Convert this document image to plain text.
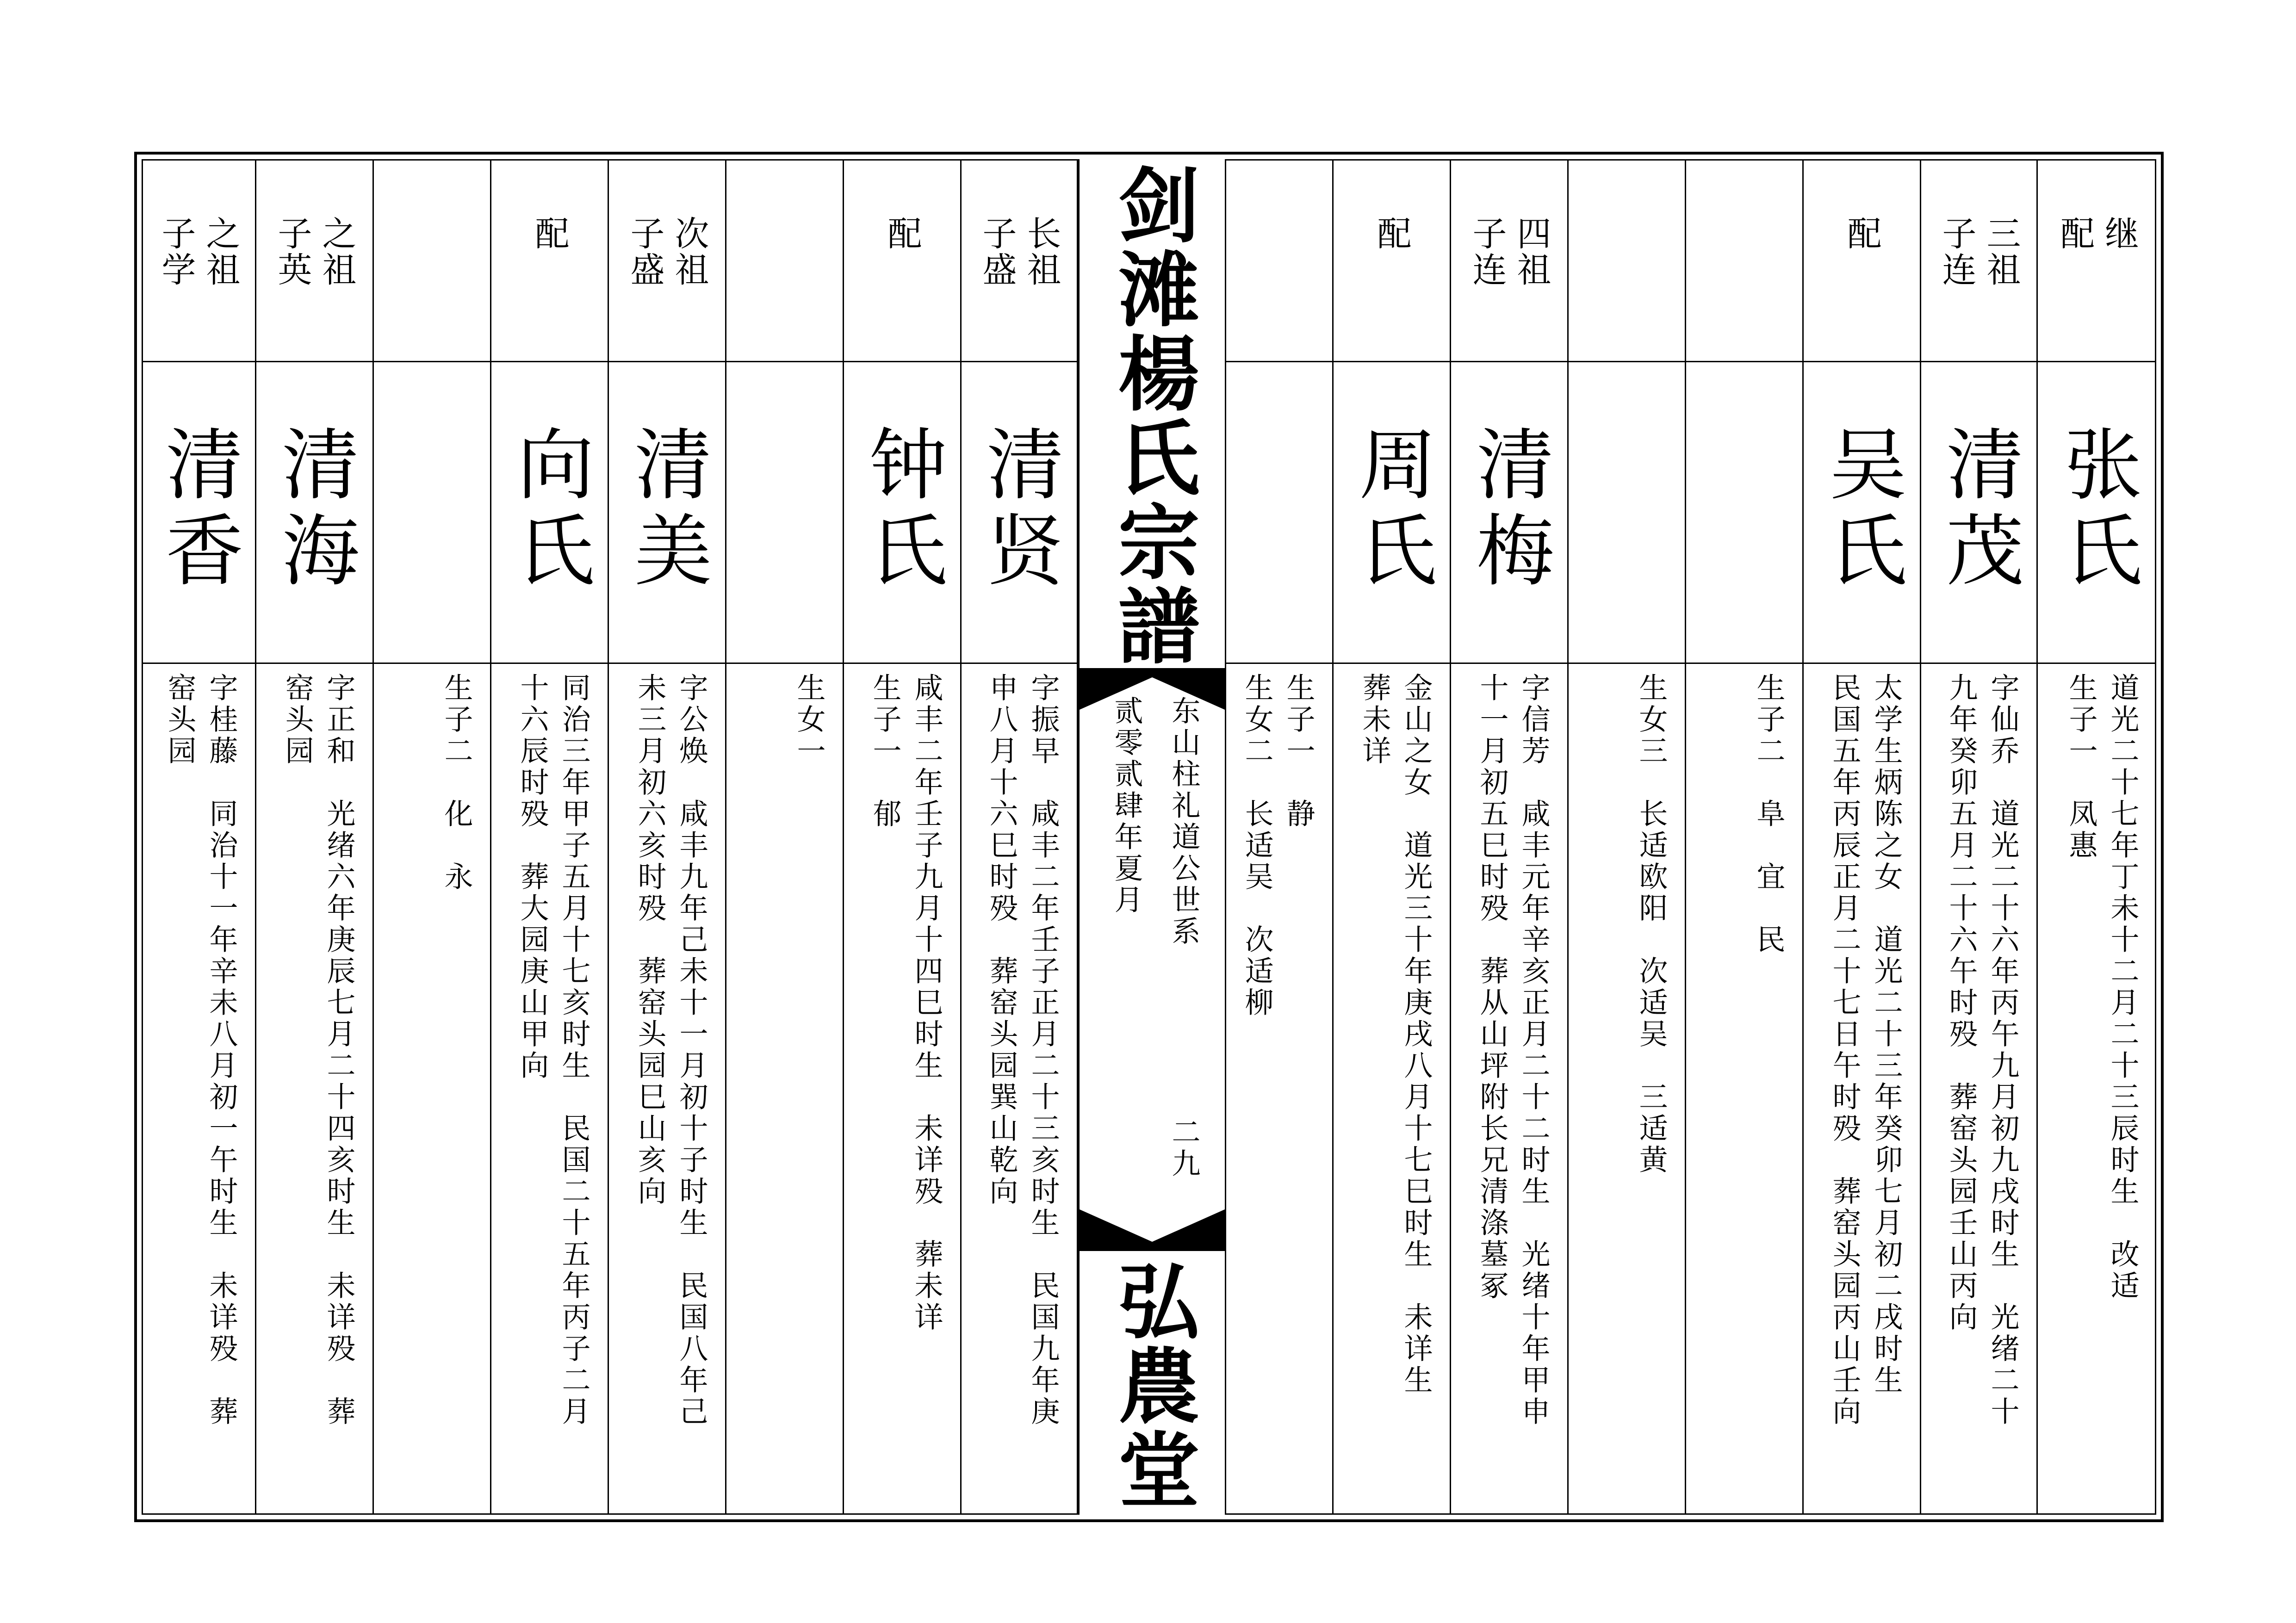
继
配
张氏
道光二十七年丁未十二月二十三辰时生　改适
生子一　凤惠
三祖
子连
清茂
字仙乔　道光二十六年丙午九月初九戌时生　光绪二十
九年癸卯五月二十六午时殁　葬窑头园壬山丙向
配
吴氏
太学生炳陈之女　道光二十三年癸卯七月初二戌时生
民国五年丙辰正月二十七日午时殁　葬窑头园丙山壬向
生子二　阜　宜　民
生女三　长适欧阳　次适吴　三适黄
四祖
子连
清梅
字信芳　咸丰元年辛亥正月二十二时生　光绪十年甲申
十一月初五巳时殁　葬从山坪附长兄清涤墓冢
配
周氏
金山之女　道光三十年庚戌八月十七巳时生　未详生
葬未详
生子一　静
生女二　长适吴　次适柳
长祖
子盛
清贤
字振早　咸丰二年壬子正月二十三亥时生　民国九年庚
申八月十六巳时殁　葬窑头园巽山乾向
配
钟氏
咸丰二年壬子九月十四巳时生　未详殁　葬未详
生子一　郁
生女一
次祖
子盛
清美
字公焕　咸丰九年己未十一月初十子时生　民国八年己
未三月初六亥时殁　葬窑头园巳山亥向
配
向氏
同治三年甲子五月十七亥时生　民国二十五年丙子二月
十六辰时殁　葬大园庚山甲向
生子二　化　永
之祖
子英
清海
字正和　光绪六年庚辰七月二十四亥时生　未详殁　葬
窑头园
之祖
子学
清香
字桂藤　同治十一年辛未八月初一午时生　未详殁　葬
窑头园
剑滩楊氏宗譜
东山柱礼道公世系
贰零贰肆年夏月
二九
弘農堂
